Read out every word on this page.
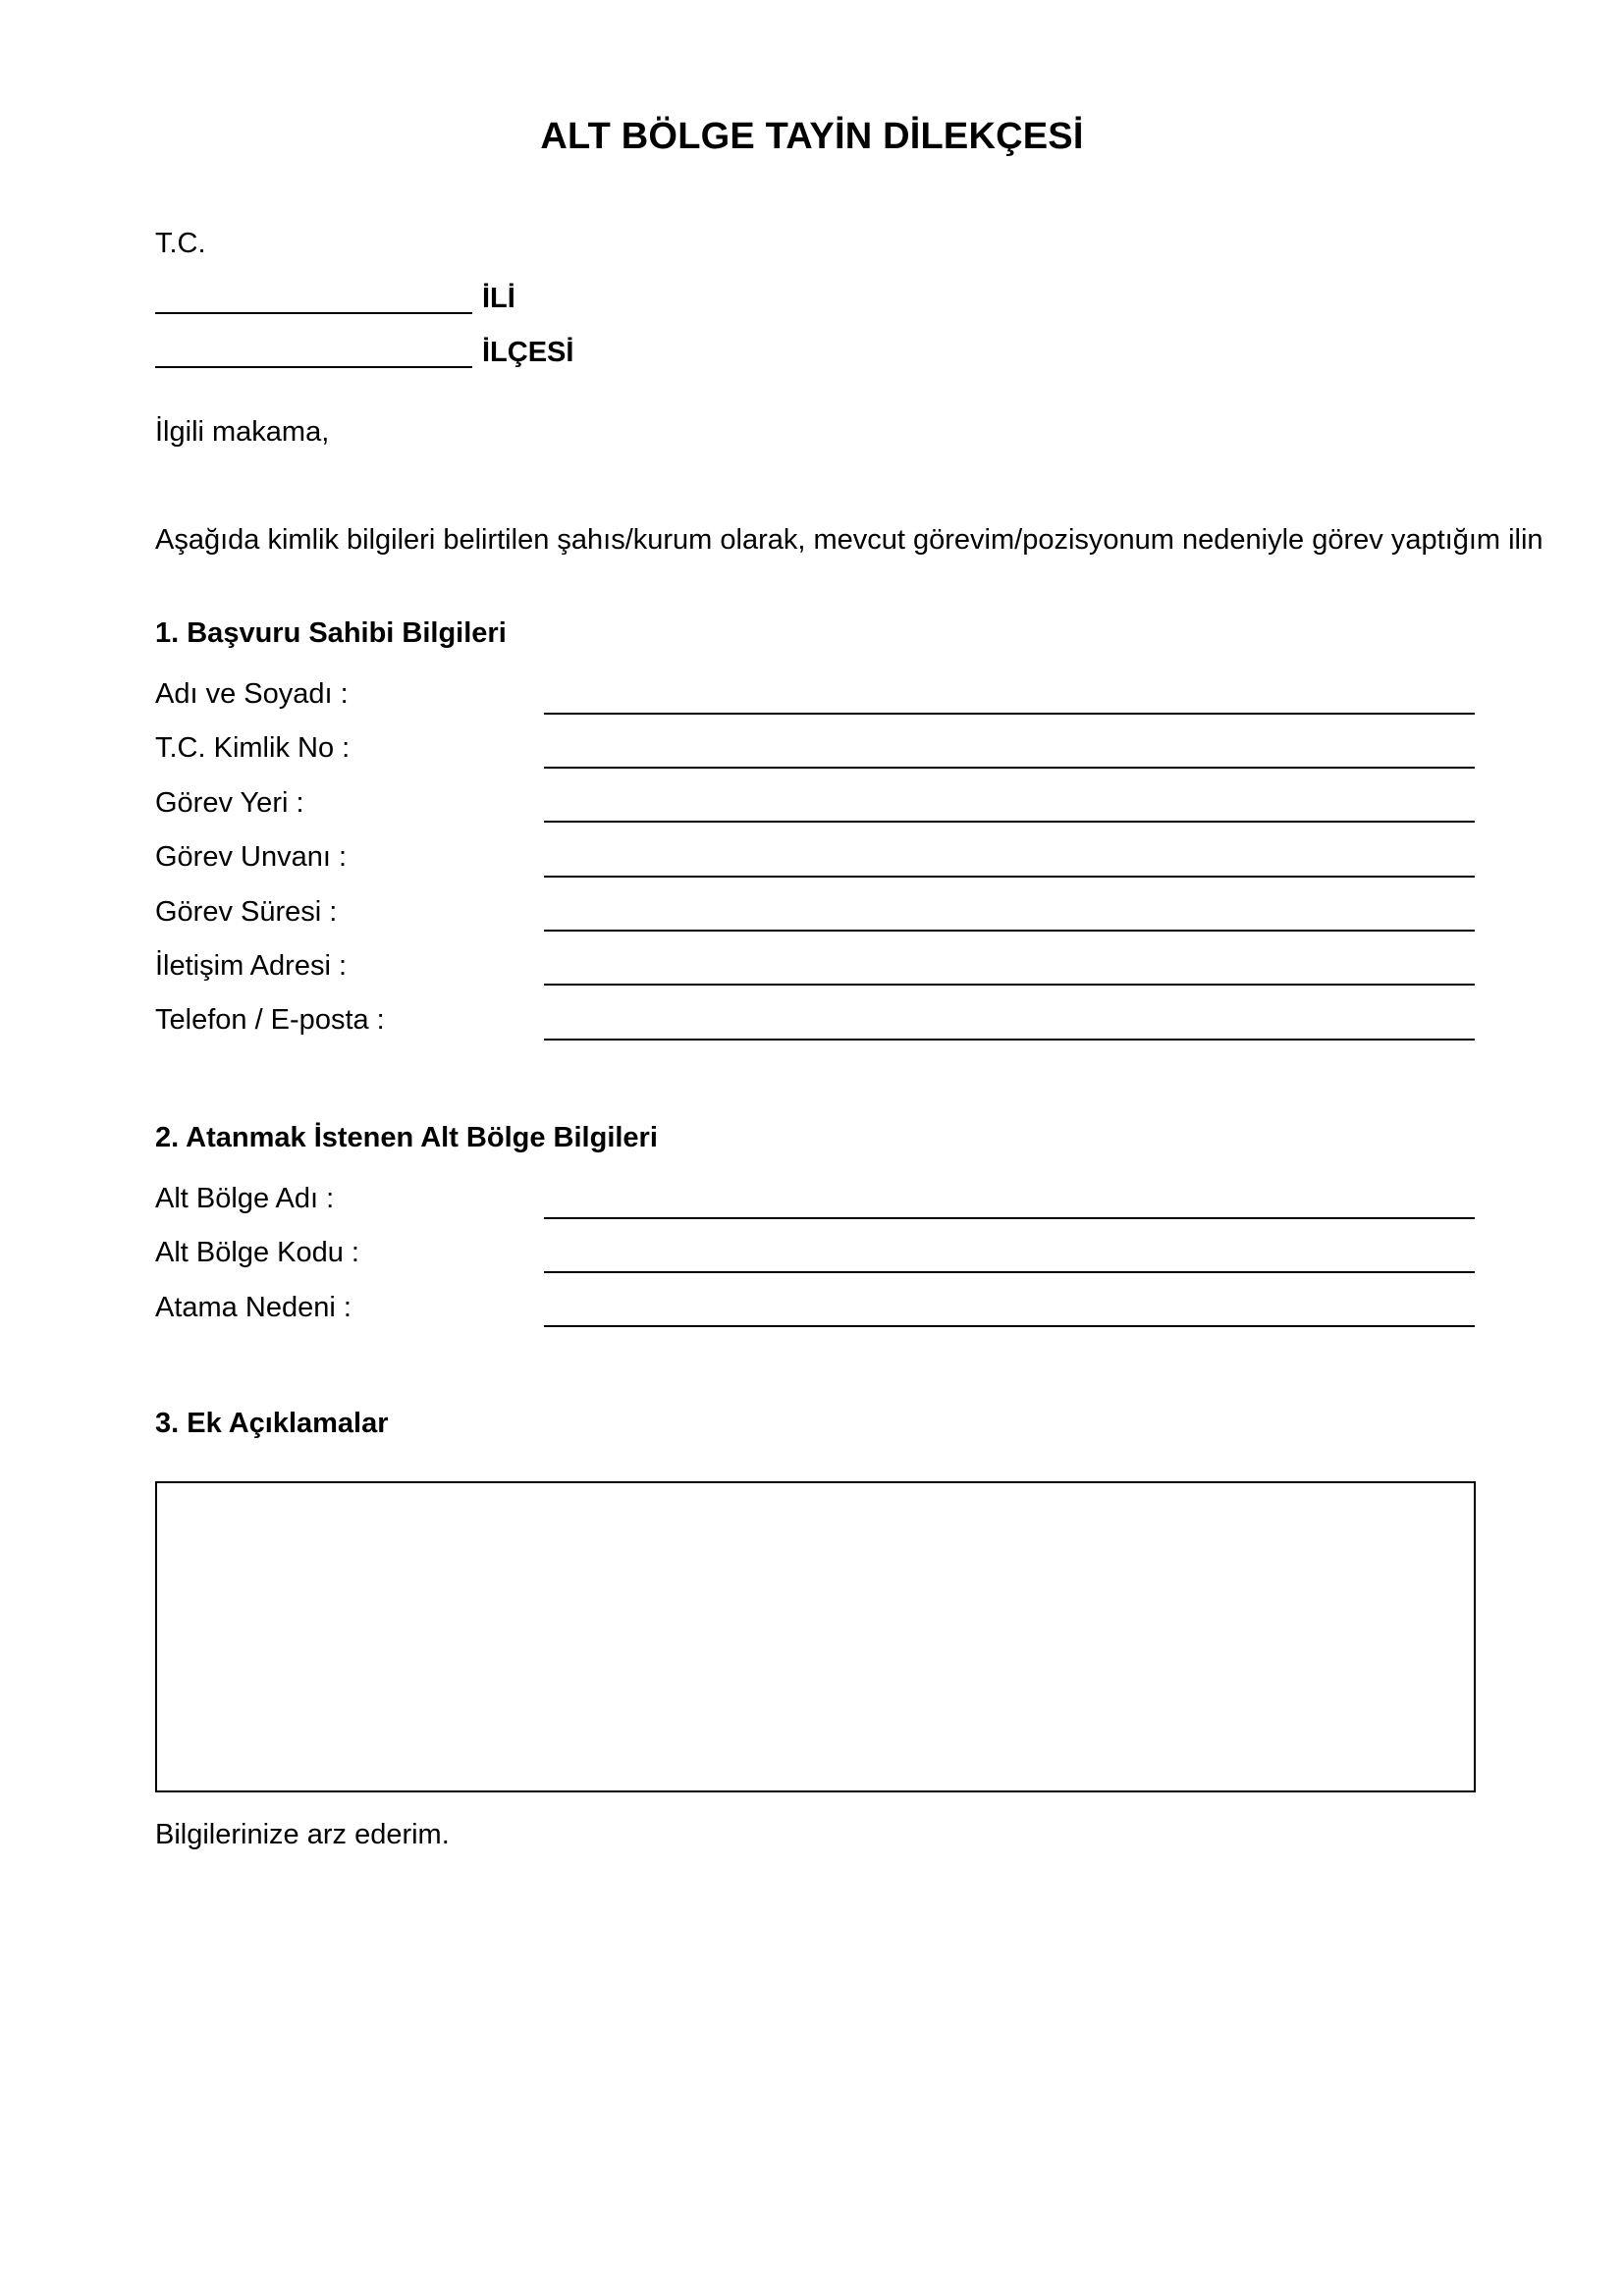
ALT BÖLGE TAYİN DİLEKÇESİ
T.C.
İLİ
İLÇESİ
İlgili makama,
Aşağıda kimlik bilgileri belirtilen şahıs/kurum olarak, mevcut görevim/pozisyonum nedeniyle görev yaptığım ilin
1. Başvuru Sahibi Bilgileri
Adı ve Soyadı :
T.C. Kimlik No :
Görev Yeri :
Görev Unvanı :
Görev Süresi :
İletişim Adresi :
Telefon / E-posta :
2. Atanmak İstenen Alt Bölge Bilgileri
Alt Bölge Adı :
Alt Bölge Kodu :
Atama Nedeni :
3. Ek Açıklamalar
Bilgilerinize arz ederim.
